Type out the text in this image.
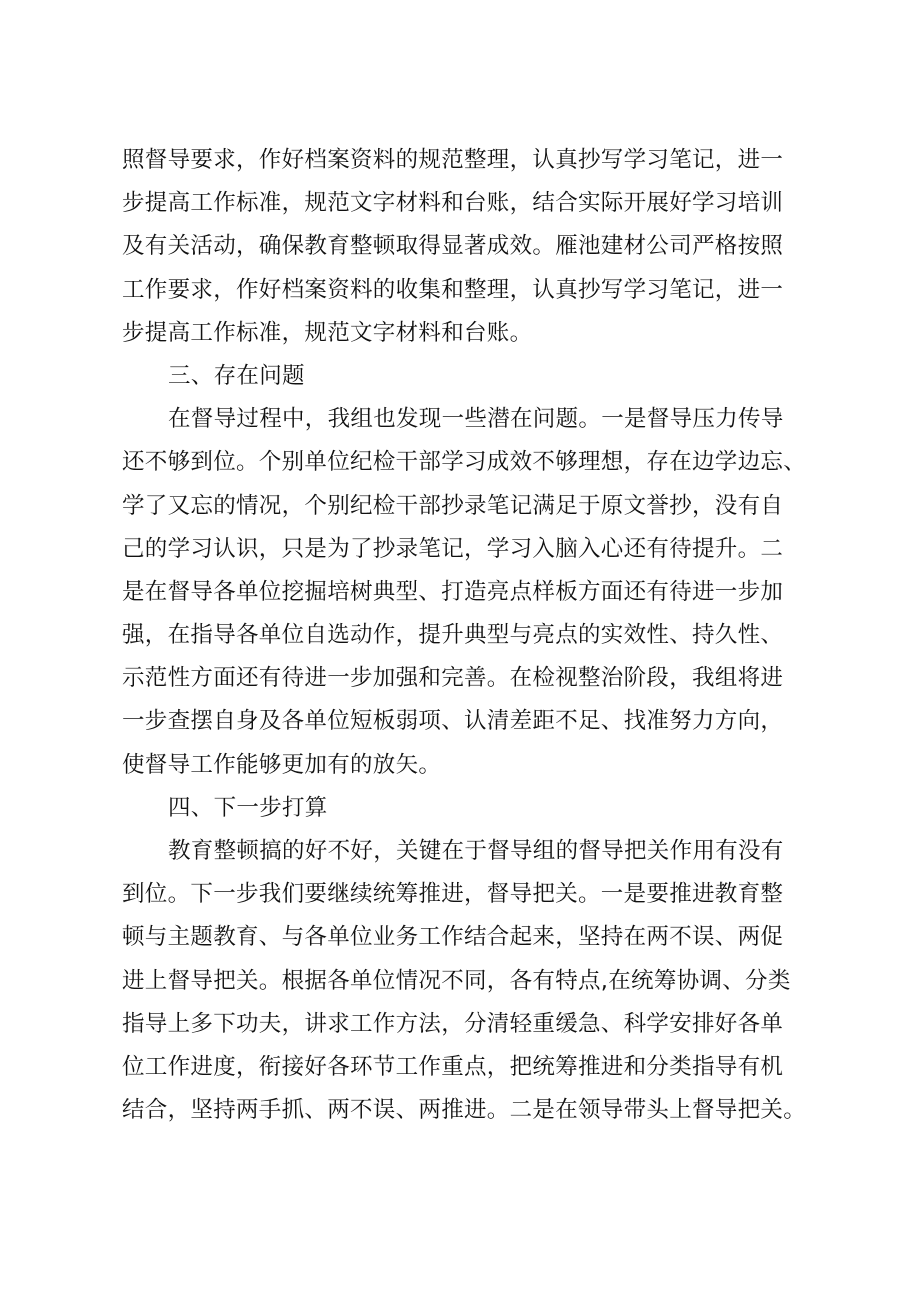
照督导要求，作好档案资料的规范整理，认真抄写学习笔记，进一
步提高工作标准，规范文字材料和台账，结合实际开展好学习培训
及有关活动，确保教育整顿取得显著成效。雁池建材公司严格按照
工作要求，作好档案资料的收集和整理，认真抄写学习笔记，进一
步提高工作标准，规范文字材料和台账。
三、存在问题
在督导过程中，我组也发现一些潜在问题。一是督导压力传导
还不够到位。个别单位纪检干部学习成效不够理想，存在边学边忘、
学了又忘的情况，个别纪检干部抄录笔记满足于原文誉抄，没有自
己的学习认识，只是为了抄录笔记，学习入脑入心还有待提升。二
是在督导各单位挖掘培树典型、打造亮点样板方面还有待进一步加
强，在指导各单位自选动作，提升典型与亮点的实效性、持久性、
示范性方面还有待进一步加强和完善。在检视整治阶段，我组将进
一步查摆自身及各单位短板弱项、认清差距不足、找准努力方向，
使督导工作能够更加有的放矢。
四、下一步打算
教育整顿搞的好不好，关键在于督导组的督导把关作用有没有
到位。下一步我们要继续统筹推进，督导把关。一是要推进教育整
顿与主题教育、与各单位业务工作结合起来，坚持在两不误、两促
进上督导把关。根据各单位情况不同，各有特点,在统筹协调、分类
指导上多下功夫，讲求工作方法，分清轻重缓急、科学安排好各单
位工作进度，衔接好各环节工作重点，把统筹推进和分类指导有机
结合，坚持两手抓、两不误、两推进。二是在领导带头上督导把关。
